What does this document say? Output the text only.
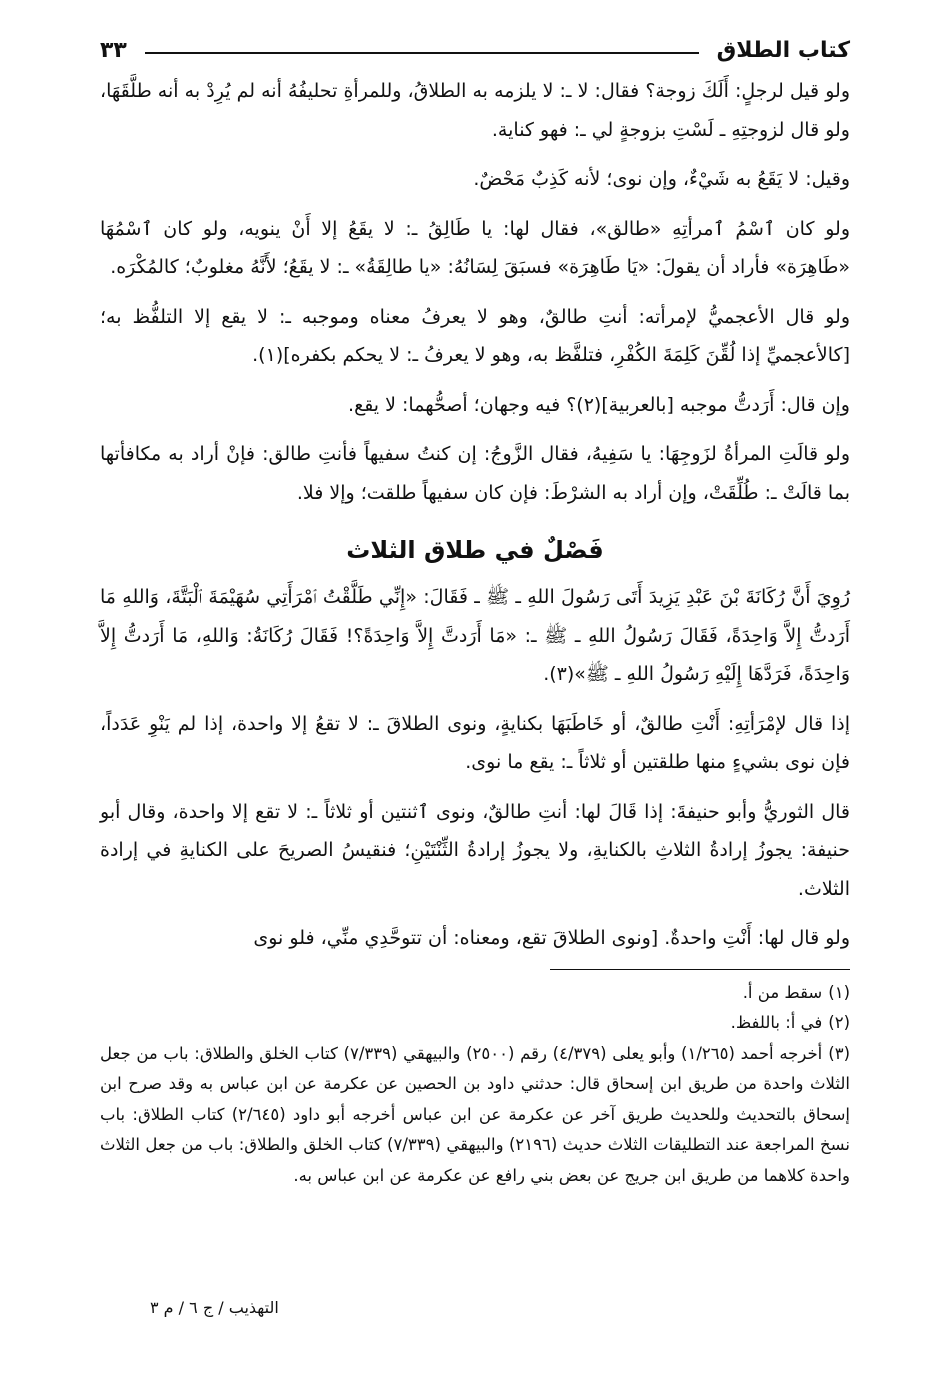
كتاب الطلاق
٣٣

ولو قيل لرجلٍ: أَلَكَ زوجة؟ فقال: لا ـ: لا يلزمه به الطلاقُ، وللمرأةِ تحليفُهُ أنه لم يُرِدْ به أنه طلَّقَهَا، ولو قال لزوجتِهِ ـ لَسْتِ بزوجةٍ لي ـ: فهو كناية.

وقيل: لا يَقَعُ به شَيْءٌ، وإن نوى؛ لأنه كَذِبٌ مَحْضٌ.

ولو كان ٱسْمُ ٱمرأتِهِ «طالق»، فقال لها: يا طَالِقُ ـ: لا يقَعُ إلا أَنْ ينويه، ولو كان ٱسْمُهَا «طَاهِرَة» فأراد أن يقولَ: «يَا طَاهِرَة» فسبَقَ لِسَانُهُ: «يا طالِقَةُ» ـ: لا يقَعُ؛ لأَنَّهُ مغلوبٌ؛ كالمُكْرَه.

ولو قال الأعجميُّ لإمرأته: أنتِ طالقٌ، وهو لا يعرفُ معناه وموجبه ـ: لا يقع إلا التلفُّظ به؛ [كالأعجميِّ إذا لُقِّنَ كَلِمَةَ الكُفْرِ، فتلفَّظ به، وهو لا يعرفُ ـ: لا يحكم بكفره](١).

وإن قال: أَرَدتُّ موجبه [بالعربية](٢)؟ فيه وجهان؛ أصحُّهما: لا يقع.

ولو قالَتِ المرأةُ لزَوجِهَا: يا سَفِيهُ، فقال الزَّوجُ: إن كنتُ سفيهاً فأنتِ طالق: فإنْ أراد به مكافأتها بما قالَتْ ـ: طُلِّقَتْ، وإن أراد به الشرْطَ: فإن كان سفيهاً طلقت؛ وإلا فلا.

فَصْلٌ في طلاق الثلاث

رُوِيَ أَنَّ رُكَانَةَ بْنَ عَبْدِ يَزِيدَ أَتَى رَسُولَ اللهِ ـ ﷺ ـ فَقَالَ: «إِنِّي طَلَّقْتُ ٱمْرَأَتِي سُهَيْمَةَ ٱلْبَتَّةَ، وَاللهِ مَا أَرَدتُّ إِلاَّ وَاحِدَةً، فَقَالَ رَسُولُ اللهِ ـ ﷺ ـ: «مَا أَرَدتَّ إِلاَّ وَاحِدَةً؟! فَقَالَ رُكَانَةُ: وَاللهِ، مَا أَرَدتُّ إِلاَّ وَاحِدَةً، فَرَدَّهَا إِلَيْهِ رَسُولُ اللهِ ـ ﷺ»(٣).

إذا قال لإمْرَأتِهِ: أَنْتِ طالقٌ، أو خَاطَبَهَا بكنايةٍ، ونوى الطلاقَ ـ: لا تقعُ إلا واحدة، إذا لم يَنْوِ عَدَداً، فإن نوى بشيءٍ منها طلقتين أو ثلاثاً ـ: يقع ما نوى.

قال الثوريُّ وأبو حنيفةَ: إذا قَالَ لها: أنتِ طالقٌ، ونوى ٱثنتين أو ثلاثاً ـ: لا تقع إلا واحدة، وقال أبو حنيفة: يجوزُ إرادةُ الثلاثِ بالكنايةِ، ولا يجوزُ إرادةُ الثِّنْتَيْنِ؛ فنقيسُ الصريحَ على الكنايةِ في إرادة الثلاث.

ولو قال لها: أَنْتِ واحدةٌ. [ونوى الطلاقَ تقع، ومعناه: أن تتوحَّدِي منِّي، فلو نوى

(١)سقط من أ.

(٢)في أ: باللفظ.

(٣)أخرجه أحمد (١/٢٦٥) وأبو يعلى (٤/٣٧٩) رقم (٢٥٠٠) والبيهقي (٧/٣٣٩) كتاب الخلق والطلاق: باب من جعل الثلاث واحدة من طريق ابن إسحاق قال: حدثني داود بن الحصين عن عكرمة عن ابن عباس به وقد صرح ابن إسحاق بالتحديث وللحديث طريق آخر عن عكرمة عن ابن عباس أخرجه أبو داود (٢/٦٤٥) كتاب الطلاق: باب نسخ المراجعة عند التطليقات الثلاث حديث (٢١٩٦) والبيهقي (٧/٣٣٩) كتاب الخلق والطلاق: باب من جعل الثلاث واحدة كلاهما من طريق ابن جريج عن بعض بني رافع عن عكرمة عن ابن عباس به.

التهذيب / ج ٦ / م ٣
